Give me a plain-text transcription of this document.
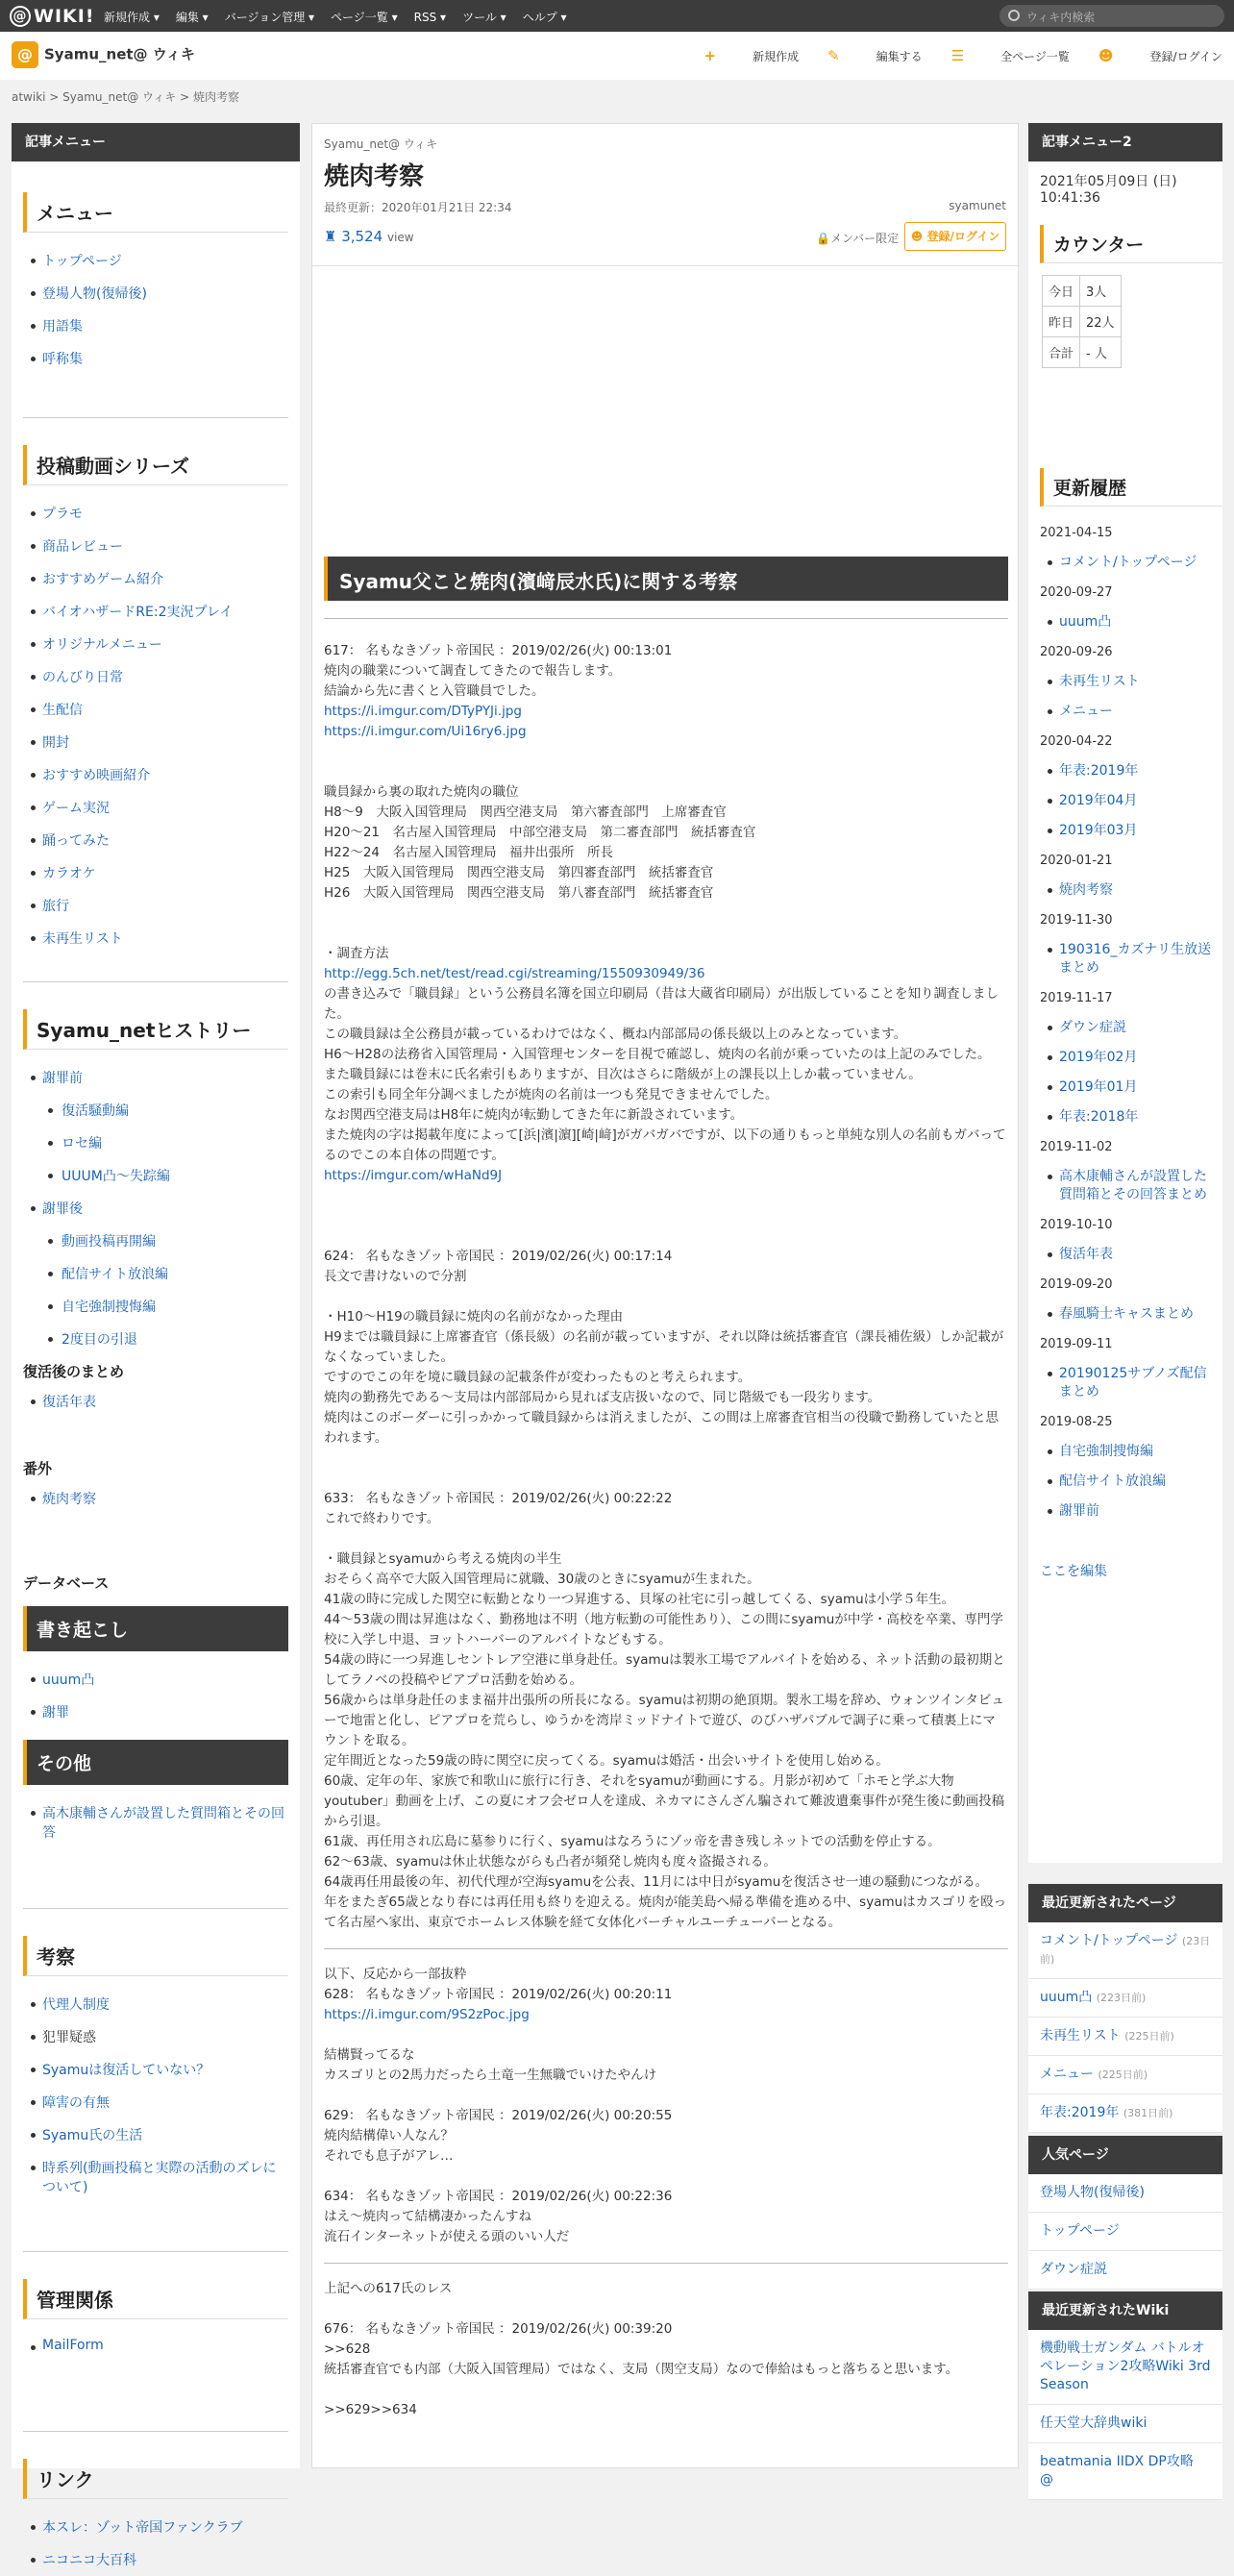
@ WIKI! 新規作成 ▾ 編集 ▾ バージョン管理 ▾ ページ一覧 ▾ RSS ▾ ツール ▾ ヘルプ ▾	ウィキ内検索
@ Syamu_net@ ウィキ	+	新規作成 ✎	編集する ☰	全ページ一覧 ☻	登録/ログイン
atwiki > Syamu_net@ ウィキ > 焼肉考察
記事メニュー
メニュー
トップページ
登場人物(復帰後)
用語集
呼称集
投稿動画シリーズ
プラモ
商品レビュー
おすすめゲーム紹介
バイオハザードRE:2実況プレイ
オリジナルメニュー
のんびり日常
生配信
開封
おすすめ映画紹介
ゲーム実況
踊ってみた
カラオケ
旅行
未再生リスト
Syamu_netヒストリー
謝罪前
復活騒動編
ロセ編
UUUM凸～失踪編
謝罪後
動画投稿再開編
配信サイト放浪編
自宅強制捜悔編
2度目の引退
復活後のまとめ
復活年表
番外
焼肉考察
データベース
書き起こし
uuum凸
謝罪
その他
高木康輔さんが設置した質問箱とその回答
考察
代理人制度
犯罪疑惑
Syamuは復活していない？
障害の有無
Syamu氏の生活
時系列(動画投稿と実際の活動のズレについて)
管理関係
MailForm
リンク
本スレ：ゾット帝国ファンクラブ
ニコニコ大百科
Syamu_net@ ウィキ
焼肉考察
最終更新：2020年01月21日 22:34	syamunet
♜ 3,524 view	🔒メンバー限定	☻ 登録/ログイン
Syamu父こと焼肉(濱﨑辰水氏)に関する考察

617： 名もなきゾット帝国民 ：2019/02/26(火) 00:13:01

焼肉の職業について調査してきたので報告します。

結論から先に書くと入管職員でした。

https://i.imgur.com/DTyPYJi.jpg

https://i.imgur.com/Ui16ry6.jpg

職員録から裏の取れた焼肉の職位

H8～9　大阪入国管理局　関西空港支局　第六審査部門　上席審査官

H20～21　名古屋入国管理局　中部空港支局　第二審査部門　統括審査官

H22～24　名古屋入国管理局　福井出張所　所長

H25　大阪入国管理局　関西空港支局　第四審査部門　統括審査官

H26　大阪入国管理局　関西空港支局　第八審査部門　統括審査官

・調査方法

http://egg.5ch.net/test/read.cgi/streaming/1550930949/36

の書き込みで「職員録」という公務員名簿を国立印刷局（昔は大蔵省印刷局）が出版していることを知り調査しました。

この職員録は全公務員が載っているわけではなく、概ね内部部局の係長級以上のみとなっています。

H6～H28の法務省入国管理局・入国管理センターを目視で確認し、焼肉の名前が乗っていたのは上記のみでした。

また職員録には巻末に氏名索引もありますが、目次はさらに階級が上の課長以上しか載っていません。

この索引も同全年分調べましたが焼肉の名前は一つも発見できませんでした。

なお関西空港支局はH8年に焼肉が転勤してきた年に新設されています。

また焼肉の字は掲載年度によって[浜|濱|濵][崎|﨑]がガバガバですが、以下の通りもっと単純な別人の名前もガバってるのでこの本自体の問題です。

https://imgur.com/wHaNd9J

624： 名もなきゾット帝国民 ：2019/02/26(火) 00:17:14

長文で書けないので分割

・H10～H19の職員録に焼肉の名前がなかった理由

H9までは職員録に上席審査官（係長級）の名前が載っていますが、それ以降は統括審査官（課長補佐級）しか記載がなくなっていました。

ですのでこの年を境に職員録の記載条件が変わったものと考えられます。

焼肉の勤務先である～支局は内部部局から見れば支店扱いなので、同じ階級でも一段劣ります。

焼肉はこのボーダーに引っかかって職員録からは消えましたが、この間は上席審査官相当の役職で勤務していたと思われます。

633： 名もなきゾット帝国民 ：2019/02/26(火) 00:22:22

これで終わりです。

・職員録とsyamuから考える焼肉の半生

おそらく高卒で大阪入国管理局に就職、30歳のときにsyamuが生まれた。

41歳の時に完成した関空に転勤となり一つ昇進する、貝塚の社宅に引っ越してくる、syamuは小学５年生。

44～53歳の間は昇進はなく、勤務地は不明（地方転勤の可能性あり）、この間にsyamuが中学・高校を卒業、専門学校に入学し中退、ヨットハーバーのアルバイトなどもする。

54歳の時に一つ昇進しセントレア空港に単身赴任。syamuは製氷工場でアルバイトを始める、ネット活動の最初期としてラノベの投稿やピアプロ活動を始める。

56歳からは単身赴任のまま福井出張所の所長になる。syamuは初期の絶頂期。製氷工場を辞め、ウォンツインタビューで地雷と化し、ピアプロを荒らし、ゆうかを湾岸ミッドナイトで遊び、のびハザパブルで調子に乗って積裏上にマウントを取る。

定年間近となった59歳の時に関空に戻ってくる。syamuは婚活・出会いサイトを使用し始める。

60歳、定年の年、家族で和歌山に旅行に行き、それをsyamuが動画にする。月影が初めて「ホモと学ぶ大物youtuber」動画を上げ、この夏にオフ会ゼロ人を達成、ネカマにさんざん騙されて難波遺棄事件が発生後に動画投稿から引退。

61歳、再任用され広島に墓参りに行く、syamuはなろうにゾッ帝を書き残しネットでの活動を停止する。

62～63歳、syamuは休止状態ながらも凸者が頻発し焼肉も度々盗撮される。

64歳再任用最後の年、初代代理が空海syamuを公表、11月には中日がsyamuを復活させ一連の騒動につながる。

年をまたぎ65歳となり春には再任用も終りを迎える。焼肉が能美島へ帰る準備を進める中、syamuはカスゴリを殴って名古屋へ家出、東京でホームレス体験を経て女体化バーチャルユーチューバーとなる。

以下、反応から一部抜粋

628： 名もなきゾット帝国民 ：2019/02/26(火) 00:20:11

https://i.imgur.com/9S2zPoc.jpg

結構賢ってるな

カスゴリとの2馬力だったら土竜一生無職でいけたやんけ

629： 名もなきゾット帝国民 ：2019/02/26(火) 00:20:55

焼肉結構偉い人なん？

それでも息子がアレ…

634： 名もなきゾット帝国民 ：2019/02/26(火) 00:22:36

はえ～焼肉って結構凄かったんすね

流石インターネットが使える頭のいい人だ

上記への617氏のレス

676： 名もなきゾット帝国民 ：2019/02/26(火) 00:39:20

>>628

統括審査官でも内部（大阪入国管理局）ではなく、支局（関空支局）なので俸給はもっと落ちると思います。

>>629>>634

記事メニュー2
2021年05月09日 (日) 10:41:36
カウンター
今日	3人
昨日	22人
合計	- 人
更新履歴
2021-04-15
コメント/トップページ
2020-09-27
uuum凸
2020-09-26
未再生リスト
メニュー
2020-04-22
年表:2019年
2019年04月
2019年03月
2020-01-21
焼肉考察
2019-11-30
190316_カズナリ生放送まとめ
2019-11-17
ダウン症説
2019年02月
2019年01月
年表:2018年
2019-11-02
高木康輔さんが設置した質問箱とその回答まとめ
2019-10-10
復活年表
2019-09-20
春風騎士キャスまとめ
2019-09-11
20190125サブノズ配信まとめ
2019-08-25
自宅強制捜悔編
配信サイト放浪編
謝罪前
ここを編集
最近更新されたページ
コメント/トップページ (23日前)
uuum凸 (223日前)
未再生リスト (225日前)
メニュー (225日前)
年表:2019年 (381日前)
人気ページ
登場人物(復帰後)
トップページ
ダウン症説
最近更新されたWiki
機動戦士ガンダム バトルオペレーション2攻略Wiki 3rd Season
任天堂大辞典wiki
beatmania IIDX DP攻略 @
